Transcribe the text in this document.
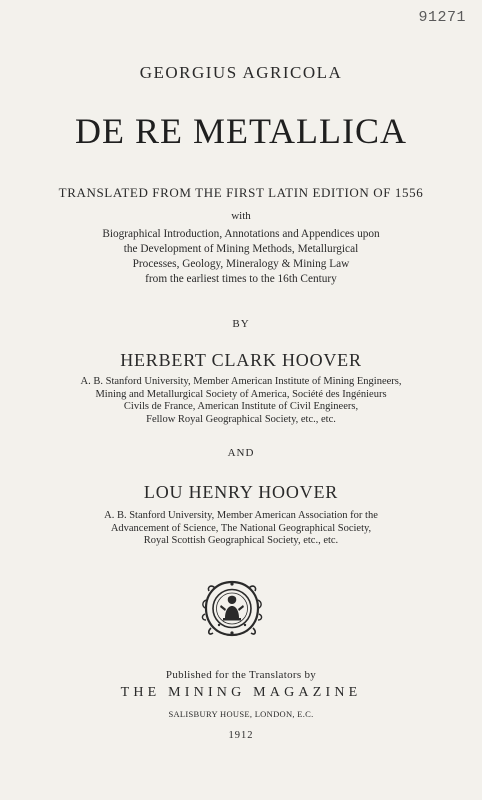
91271
GEORGIUS AGRICOLA
DE RE METALLICA
TRANSLATED FROM THE FIRST LATIN EDITION OF 1556
with
Biographical Introduction, Annotations and Appendices upon
the Development of Mining Methods, Metallurgical
Processes, Geology, Mineralogy & Mining Law
from the earliest times to the 16th Century
BY
HERBERT CLARK HOOVER
A. B. Stanford University, Member American Institute of Mining Engineers,
Mining and Metallurgical Society of America, Société des Ingénieurs
Civils de France, American Institute of Civil Engineers,
Fellow Royal Geographical Society, etc., etc.
AND
LOU HENRY HOOVER
A. B. Stanford University, Member American Association for the
Advancement of Science, The National Geographical Society,
Royal Scottish Geographical Society, etc., etc.
Published for the Translators by
THE MINING MAGAZINE
SALISBURY HOUSE, LONDON, E.C.
1912
